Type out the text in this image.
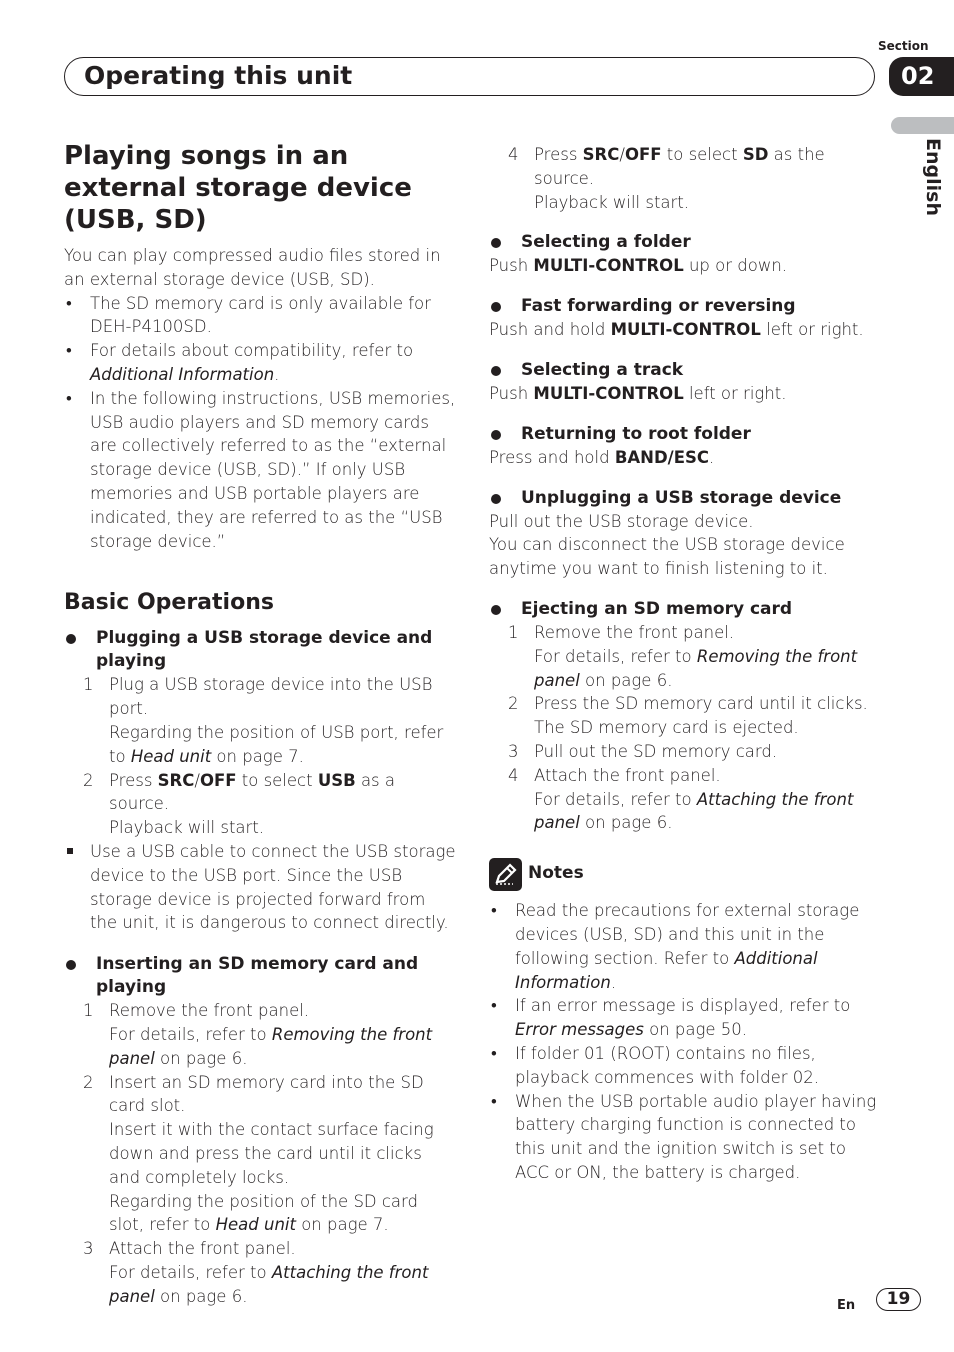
Section
02
Operating this unit
English
Playing songs in an external storage device (USB, SD)

You can play compressed audio files stored in an external storage device (USB, SD).

• The SD memory card is only available for DEH-P4100SD.
• For details about compatibility, refer to Additional Information.
• In the following instructions, USB memories, USB audio players and SD memory cards are collectively referred to as the “external storage device (USB, SD).” If only USB memories and USB portable players are indicated, they are referred to as the “USB storage device.”
Basic Operations

Plugging a USB storage device and playing

1 Plug a USB storage device into the USB port.
Regarding the position of USB port, refer to Head unit on page 7.
2 Press SRC/OFF to select USB as a source.
Playback will start.

Use a USB cable to connect the USB storage device to the USB port. Since the USB storage device is projected forward from the unit, it is dangerous to connect directly.

Inserting an SD memory card and playing

1 Remove the front panel.
For details, refer to Removing the front panel on page 6.
2 Insert an SD memory card into the SD card slot.
Insert it with the contact surface facing down and press the card until it clicks and completely locks.
Regarding the position of the SD card slot, refer to Head unit on page 7.
3 Attach the front panel.
For details, refer to Attaching the front panel on page 6.
4 Press SRC/OFF to select SD as the source.
Playback will start.

Selecting a folder

Push MULTI-CONTROL up or down.

Fast forwarding or reversing

Push and hold MULTI-CONTROL left or right.

Selecting a track

Push MULTI-CONTROL left or right.

Returning to root folder

Press and hold BAND/ESC.

Unplugging a USB storage device

Pull out the USB storage device.

You can disconnect the USB storage device anytime you want to finish listening to it.

Ejecting an SD memory card

1 Remove the front panel.
For details, refer to Removing the front panel on page 6.
2 Press the SD memory card until it clicks.
The SD memory card is ejected.
3 Pull out the SD memory card.
4 Attach the front panel.
For details, refer to Attaching the front panel on page 6.
Notes
• Read the precautions for external storage devices (USB, SD) and this unit in the following section. Refer to Additional Information.
• If an error message is displayed, refer to Error messages on page 50.
• If folder 01 (ROOT) contains no files, playback commences with folder 02.
• When the USB portable audio player having battery charging function is connected to this unit and the ignition switch is set to ACC or ON, the battery is charged.
En	19
